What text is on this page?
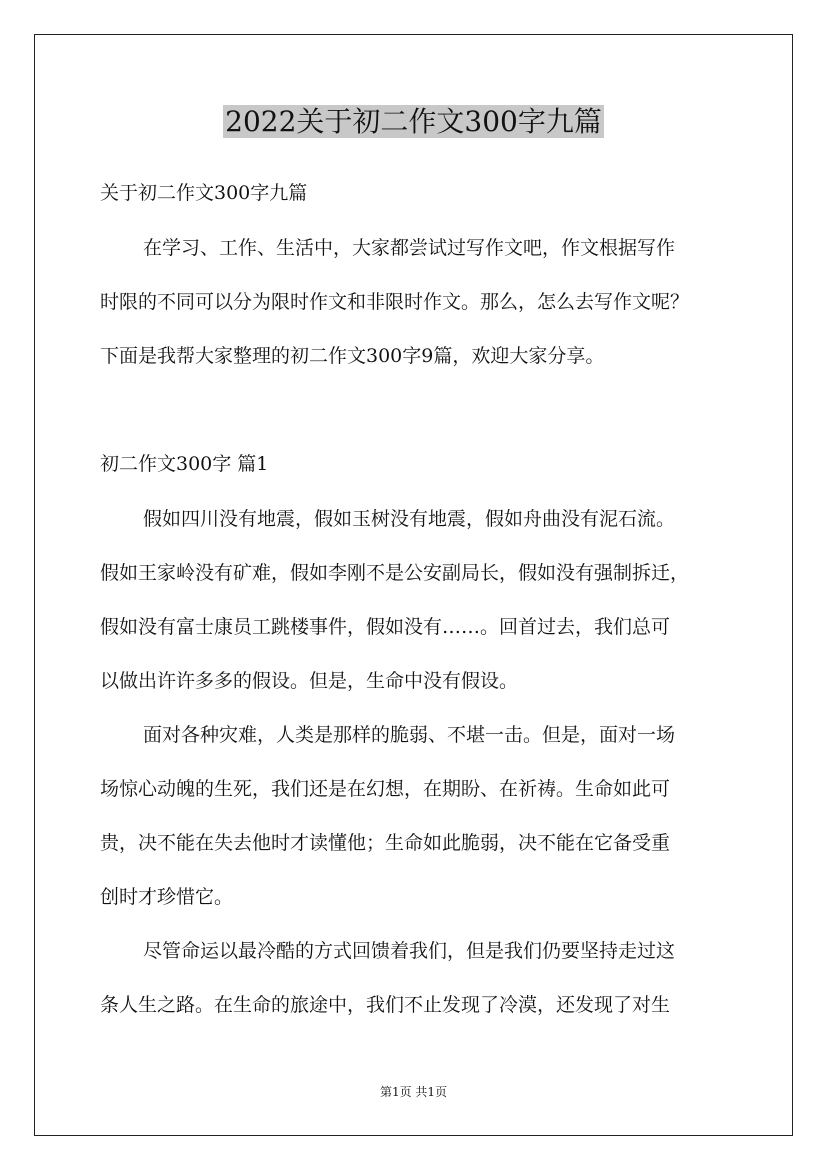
2022关于初二作文300字九篇
关于初二作文300字九篇
在学习、工作、生活中，大家都尝试过写作文吧，作文根据写作
时限的不同可以分为限时作文和非限时作文。那么，怎么去写作文呢？
下面是我帮大家整理的初二作文300字9篇，欢迎大家分享。
初二作文300字 篇1
假如四川没有地震，假如玉树没有地震，假如舟曲没有泥石流。
假如王家岭没有矿难，假如李刚不是公安副局长，假如没有强制拆迁，
假如没有富士康员工跳楼事件，假如没有……。回首过去，我们总可
以做出许许多多的假设。但是，生命中没有假设。
面对各种灾难，人类是那样的脆弱、不堪一击。但是，面对一场
场惊心动魄的生死，我们还是在幻想，在期盼、在祈祷。生命如此可
贵，决不能在失去他时才读懂他；生命如此脆弱，决不能在它备受重
创时才珍惜它。
尽管命运以最冷酷的方式回馈着我们，但是我们仍要坚持走过这
条人生之路。在生命的旅途中，我们不止发现了冷漠，还发现了对生
第1页 共1页
